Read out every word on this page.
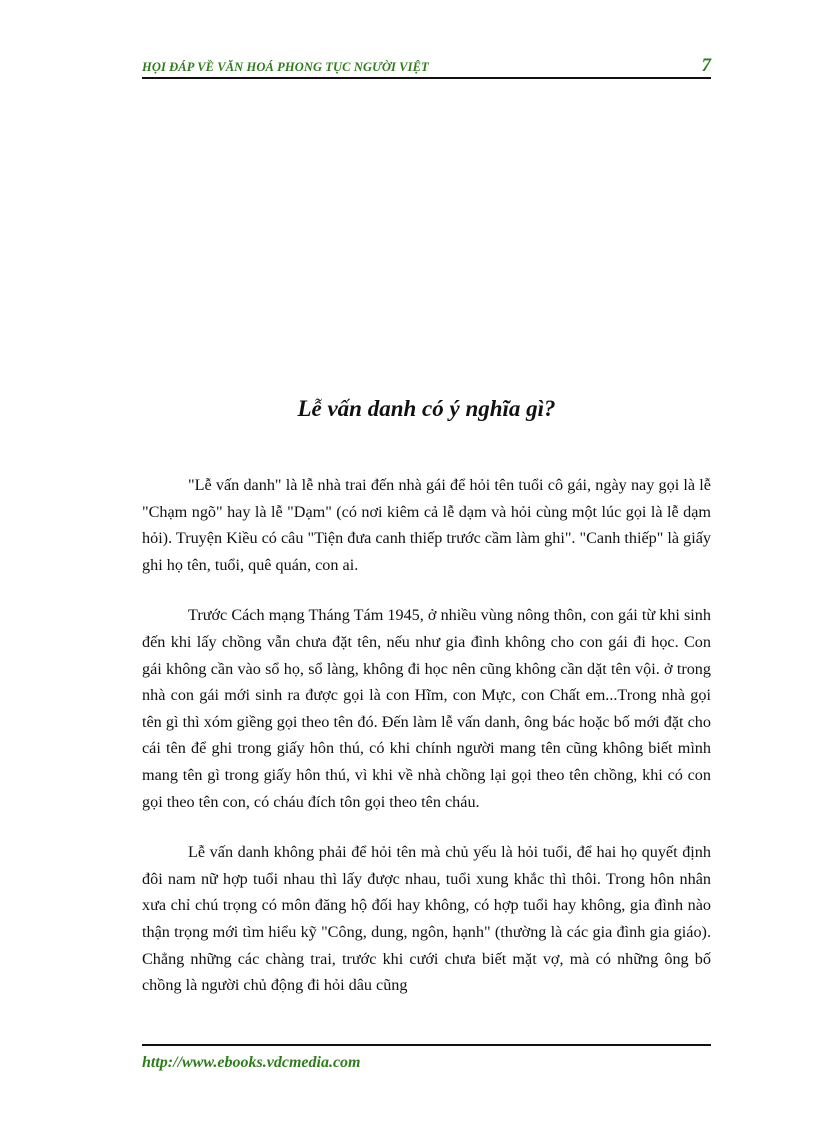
HỌI ĐÁP VỀ VĂN HOÁ PHONG TỤC NGƯỜI VIỆT	7
Lễ vấn danh có ý nghĩa gì?

"Lễ vấn danh" là lễ nhà trai đến nhà gái để hỏi tên tuổi cô gái, ngày nay gọi là lễ "Chạm ngõ" hay là lễ "Dạm" (có nơi kiêm cả lễ dạm và hỏi cùng một lúc gọi là lễ dạm hỏi). Truyện Kiều có câu "Tiện đưa canh thiếp trước cầm làm ghi". "Canh thiếp" là giấy ghi họ tên, tuổi, quê quán, con ai.

Trước Cách mạng Tháng Tám 1945, ở nhiều vùng nông thôn, con gái từ khi sinh đến khi lấy chồng vẫn chưa đặt tên, nếu như gia đình không cho con gái đi học. Con gái không cần vào sổ họ, sổ làng, không đi học nên cũng không cần dặt tên vội. ở trong nhà con gái mới sinh ra được gọi là con Hĩm, con Mực, con Chất em...Trong nhà gọi tên gì thì xóm giềng gọi theo tên đó. Đến làm lễ vấn danh, ông bác hoặc bố mới đặt cho cái tên để ghi trong giấy hôn thú, có khi chính người mang tên cũng không biết mình mang tên gì trong giấy hôn thú, vì khi về nhà chồng lại gọi theo tên chồng, khi có con gọi theo tên con, có cháu đích tôn gọi theo tên cháu.

Lễ vấn danh không phải để hỏi tên mà chủ yếu là hỏi tuổi, để hai họ quyết định đôi nam nữ hợp tuổi nhau thì lấy được nhau, tuổi xung khắc thì thôi. Trong hôn nhân xưa chỉ chú trọng có môn đăng hộ đối hay không, có hợp tuổi hay không, gia đình nào thận trọng mới tìm hiểu kỹ "Công, dung, ngôn, hạnh" (thường là các gia đình gia giáo). Chẳng những các chàng trai, trước khi cưới chưa biết mặt vợ, mà có những ông bố chồng là người chủ động đi hỏi dâu cũng

http://www.ebooks.vdcmedia.com
